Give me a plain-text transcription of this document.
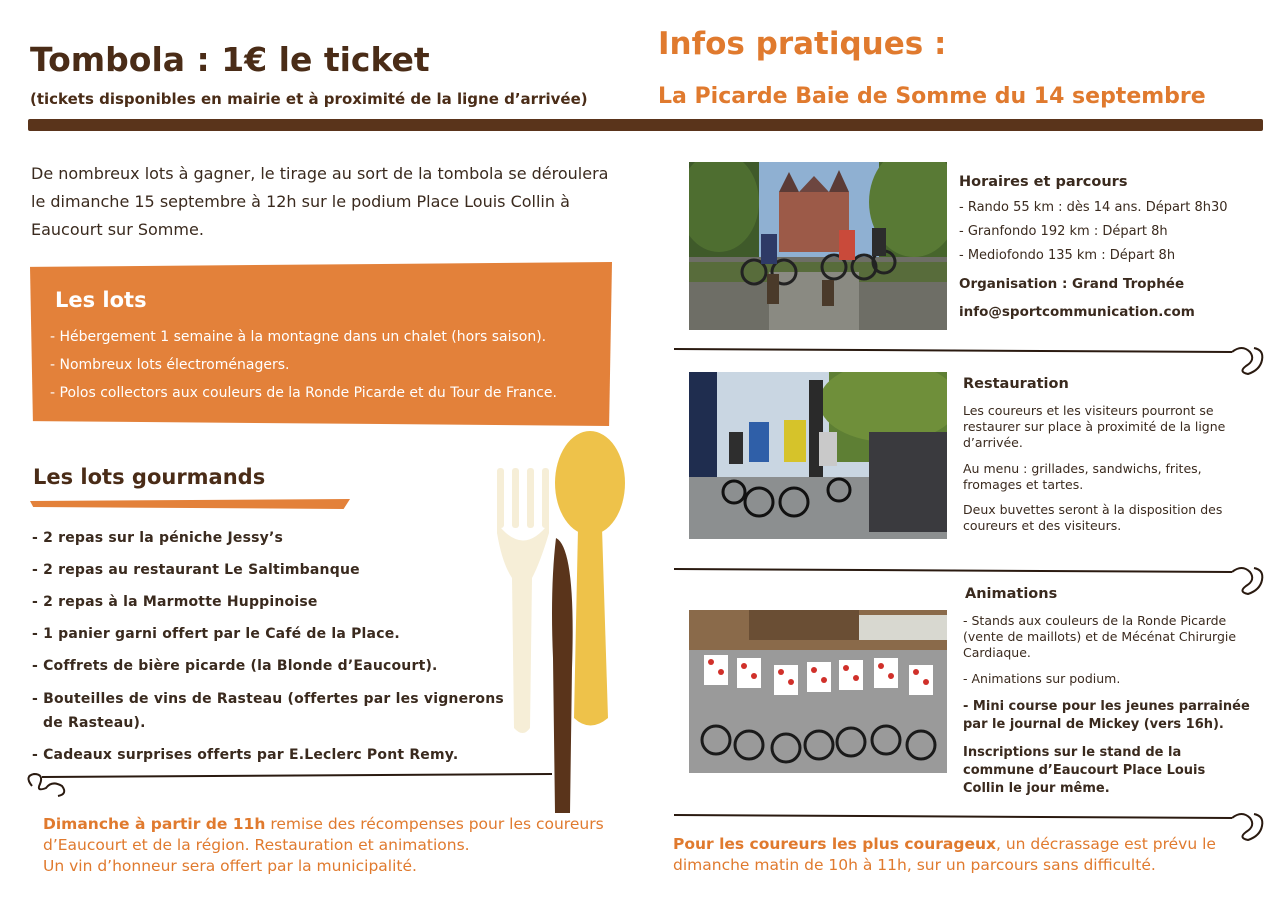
Tombola : 1€ le ticket
(tickets disponibles en mairie et à proximité de la ligne d’arrivée)
Infos pratiques :
La Picarde Baie de Somme du 14 septembre
De nombreux lots à gagner, le tirage au sort de la tombola se déroulera le dimanche 15 septembre à 12h sur le podium Place Louis Collin à Eaucourt sur Somme.
Les lots
- Hébergement 1 semaine à la montagne dans un chalet (hors saison).
- Nombreux lots électroménagers.
- Polos collectors aux couleurs de la Ronde Picarde et du Tour de France.
Les lots gourmands
- 2 repas sur la péniche Jessy’s
- 2 repas au restaurant Le Saltimbanque
- 2 repas à la Marmotte Huppinoise
- 1 panier garni offert par le Café de la Place.
- Coffrets de bière picarde (la Blonde d’Eaucourt).
- Bouteilles de vins de Rasteau (offertes par les vignerons
de Rasteau).
- Cadeaux surprises offerts par E.Leclerc Pont Remy.
Dimanche à partir de 11h remise des récompenses pour les coureurs
d’Eaucourt et de la région. Restauration et animations.
Un vin d’honneur sera offert par la municipalité.
Horaires et parcours
- Rando 55 km : dès 14 ans. Départ 8h30
- Granfondo 192 km : Départ 8h
- Mediofondo 135 km : Départ 8h
Organisation : Grand Trophée
info@sportcommunication.com
Restauration
Les coureurs et les visiteurs pourront se restaurer sur place à proximité de la ligne d’arrivée.
Au menu : grillades, sandwichs, frites, fromages et tartes.
Deux buvettes seront à la disposition des coureurs et des visiteurs.
Animations
- Stands aux couleurs de la Ronde Picarde (vente de maillots) et de Mécénat Chirurgie Cardiaque.
- Animations sur podium.
- Mini course pour les jeunes parrainée par le journal de Mickey (vers 16h).
Inscriptions sur le stand de la commune d’Eaucourt Place Louis Collin le jour même.
Pour les coureurs les plus courageux, un décrassage est prévu le
dimanche matin de 10h à 11h, sur un parcours sans difficulté.
